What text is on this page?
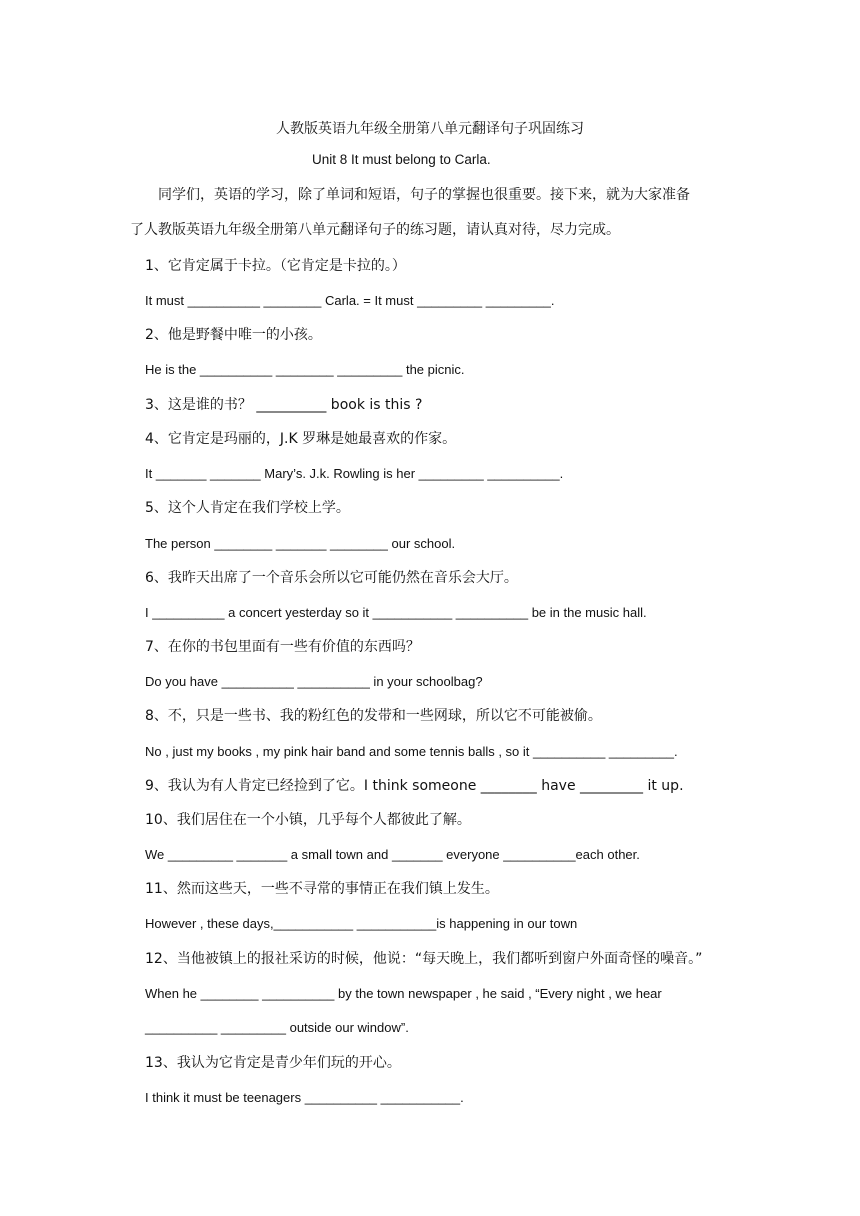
人教版英语九年级全册第八单元翻译句子巩固练习
Unit 8 It must belong to Carla.
同学们，英语的学习，除了单词和短语，句子的掌握也很重要。接下来，就为大家准备
了人教版英语九年级全册第八单元翻译句子的练习题，请认真对待，尽力完成。
1、它肯定属于卡拉。（它肯定是卡拉的。）
It must __________ ________ Carla. = It must _________ _________.
2、他是野餐中唯一的小孩。
He is the __________ ________ _________ the picnic.
3、这是谁的书？ __________ book is this ?
4、它肯定是玛丽的，J.K 罗琳是她最喜欢的作家。
It _______ _______ Mary’s. J.k. Rowling is her _________ __________.
5、这个人肯定在我们学校上学。
The person ________ _______ ________ our school.
6、我昨天出席了一个音乐会所以它可能仍然在音乐会大厅。
I __________ a concert yesterday so it ___________ __________ be in the music hall.
7、在你的书包里面有一些有价值的东西吗？
Do you have __________ __________ in your schoolbag?
8、不，只是一些书、我的粉红色的发带和一些网球，所以它不可能被偷。
No , just my books , my pink hair band and some tennis balls , so it __________ _________.
9、我认为有人肯定已经捡到了它。I think someone ________ have _________ it up.
10、我们居住在一个小镇，几乎每个人都彼此了解。
We _________ _______ a small town and _______ everyone __________each other.
11、然而这些天，一些不寻常的事情正在我们镇上发生。
However , these days,___________ ___________is happening in our town
12、当他被镇上的报社采访的时候，他说：“每天晚上，我们都听到窗户外面奇怪的噪音。”
When he ________ __________ by the town newspaper , he said , “Every night , we hear
__________ _________ outside our window”.
13、我认为它肯定是青少年们玩的开心。
I think it must be teenagers __________ ___________.
